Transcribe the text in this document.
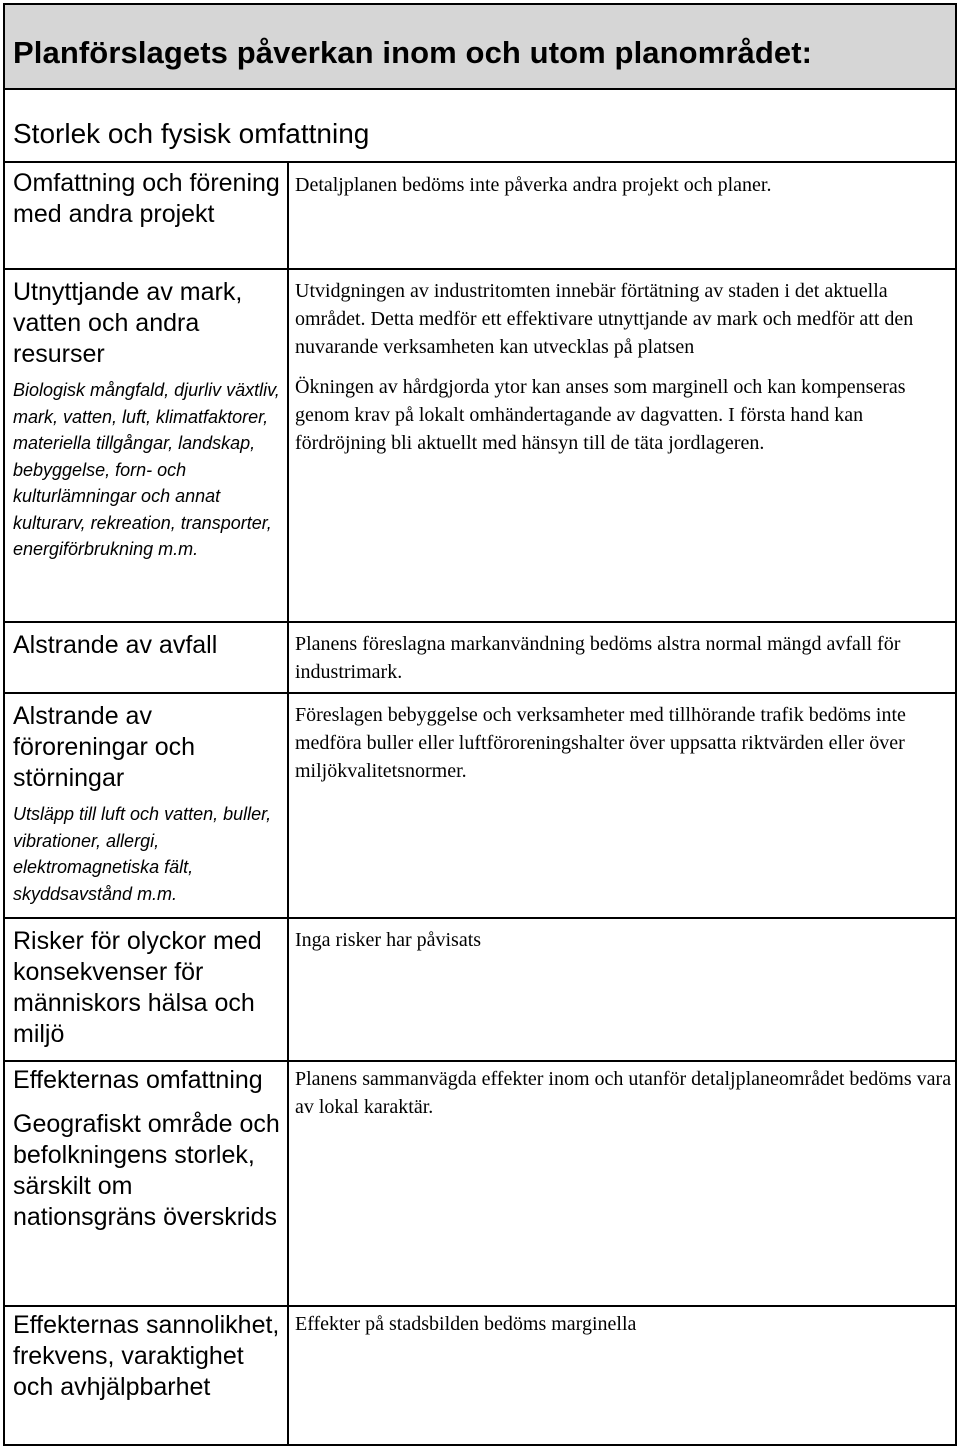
Planförslagets påverkan inom och utom planområdet:
Storlek och fysisk omfattning
Omfattning och förening med andra projekt

Detaljplanen bedöms inte påverka andra projekt och planer.

Utnyttjande av mark, vatten och andra resurser
Biologisk mångfald, djurliv växtliv, mark, vatten, luft, klimatfaktorer, materiella tillgångar, landskap, bebyggelse, forn- och kulturlämningar och annat kulturarv, rekreation, transporter, energiförbrukning m.m.

Utvidgningen av industritomten innebär förtätning av staden i det aktuella området. Detta medför ett effektivare utnyttjande av mark och medför att den nuvarande verksamheten kan utvecklas på platsen

Ökningen av hårdgjorda ytor kan anses som marginell och kan kompenseras genom krav på lokalt omhändertagande av dagvatten. I första hand kan fördröjning bli aktuellt med hänsyn till de täta jordlageren.

Alstrande av avfall	Planens föreslagna markanvändning bedöms alstra normal mängd avfall för industrimark.

Alstrande av föroreningar och störningar
Utsläpp till luft och vatten, buller, vibrationer, allergi, elektromagnetiska fält, skyddsavstånd m.m.

Föreslagen bebyggelse och verksamheter med tillhörande trafik bedöms inte medföra buller eller luftföroreningshalter över uppsatta riktvärden eller över miljökvalitetsnormer.

Risker för olyckor med konsekvenser för människors hälsa och miljö

Inga risker har påvisats

Effekternas omfattning
Geografiskt område och befolkningens storlek, särskilt om nationsgräns överskrids

Planens sammanvägda effekter inom och utanför detaljplaneområdet bedöms vara av lokal karaktär.

Effekternas sannolikhet, frekvens, varaktighet och avhjälpbarhet

Effekter på stadsbilden bedöms marginella
